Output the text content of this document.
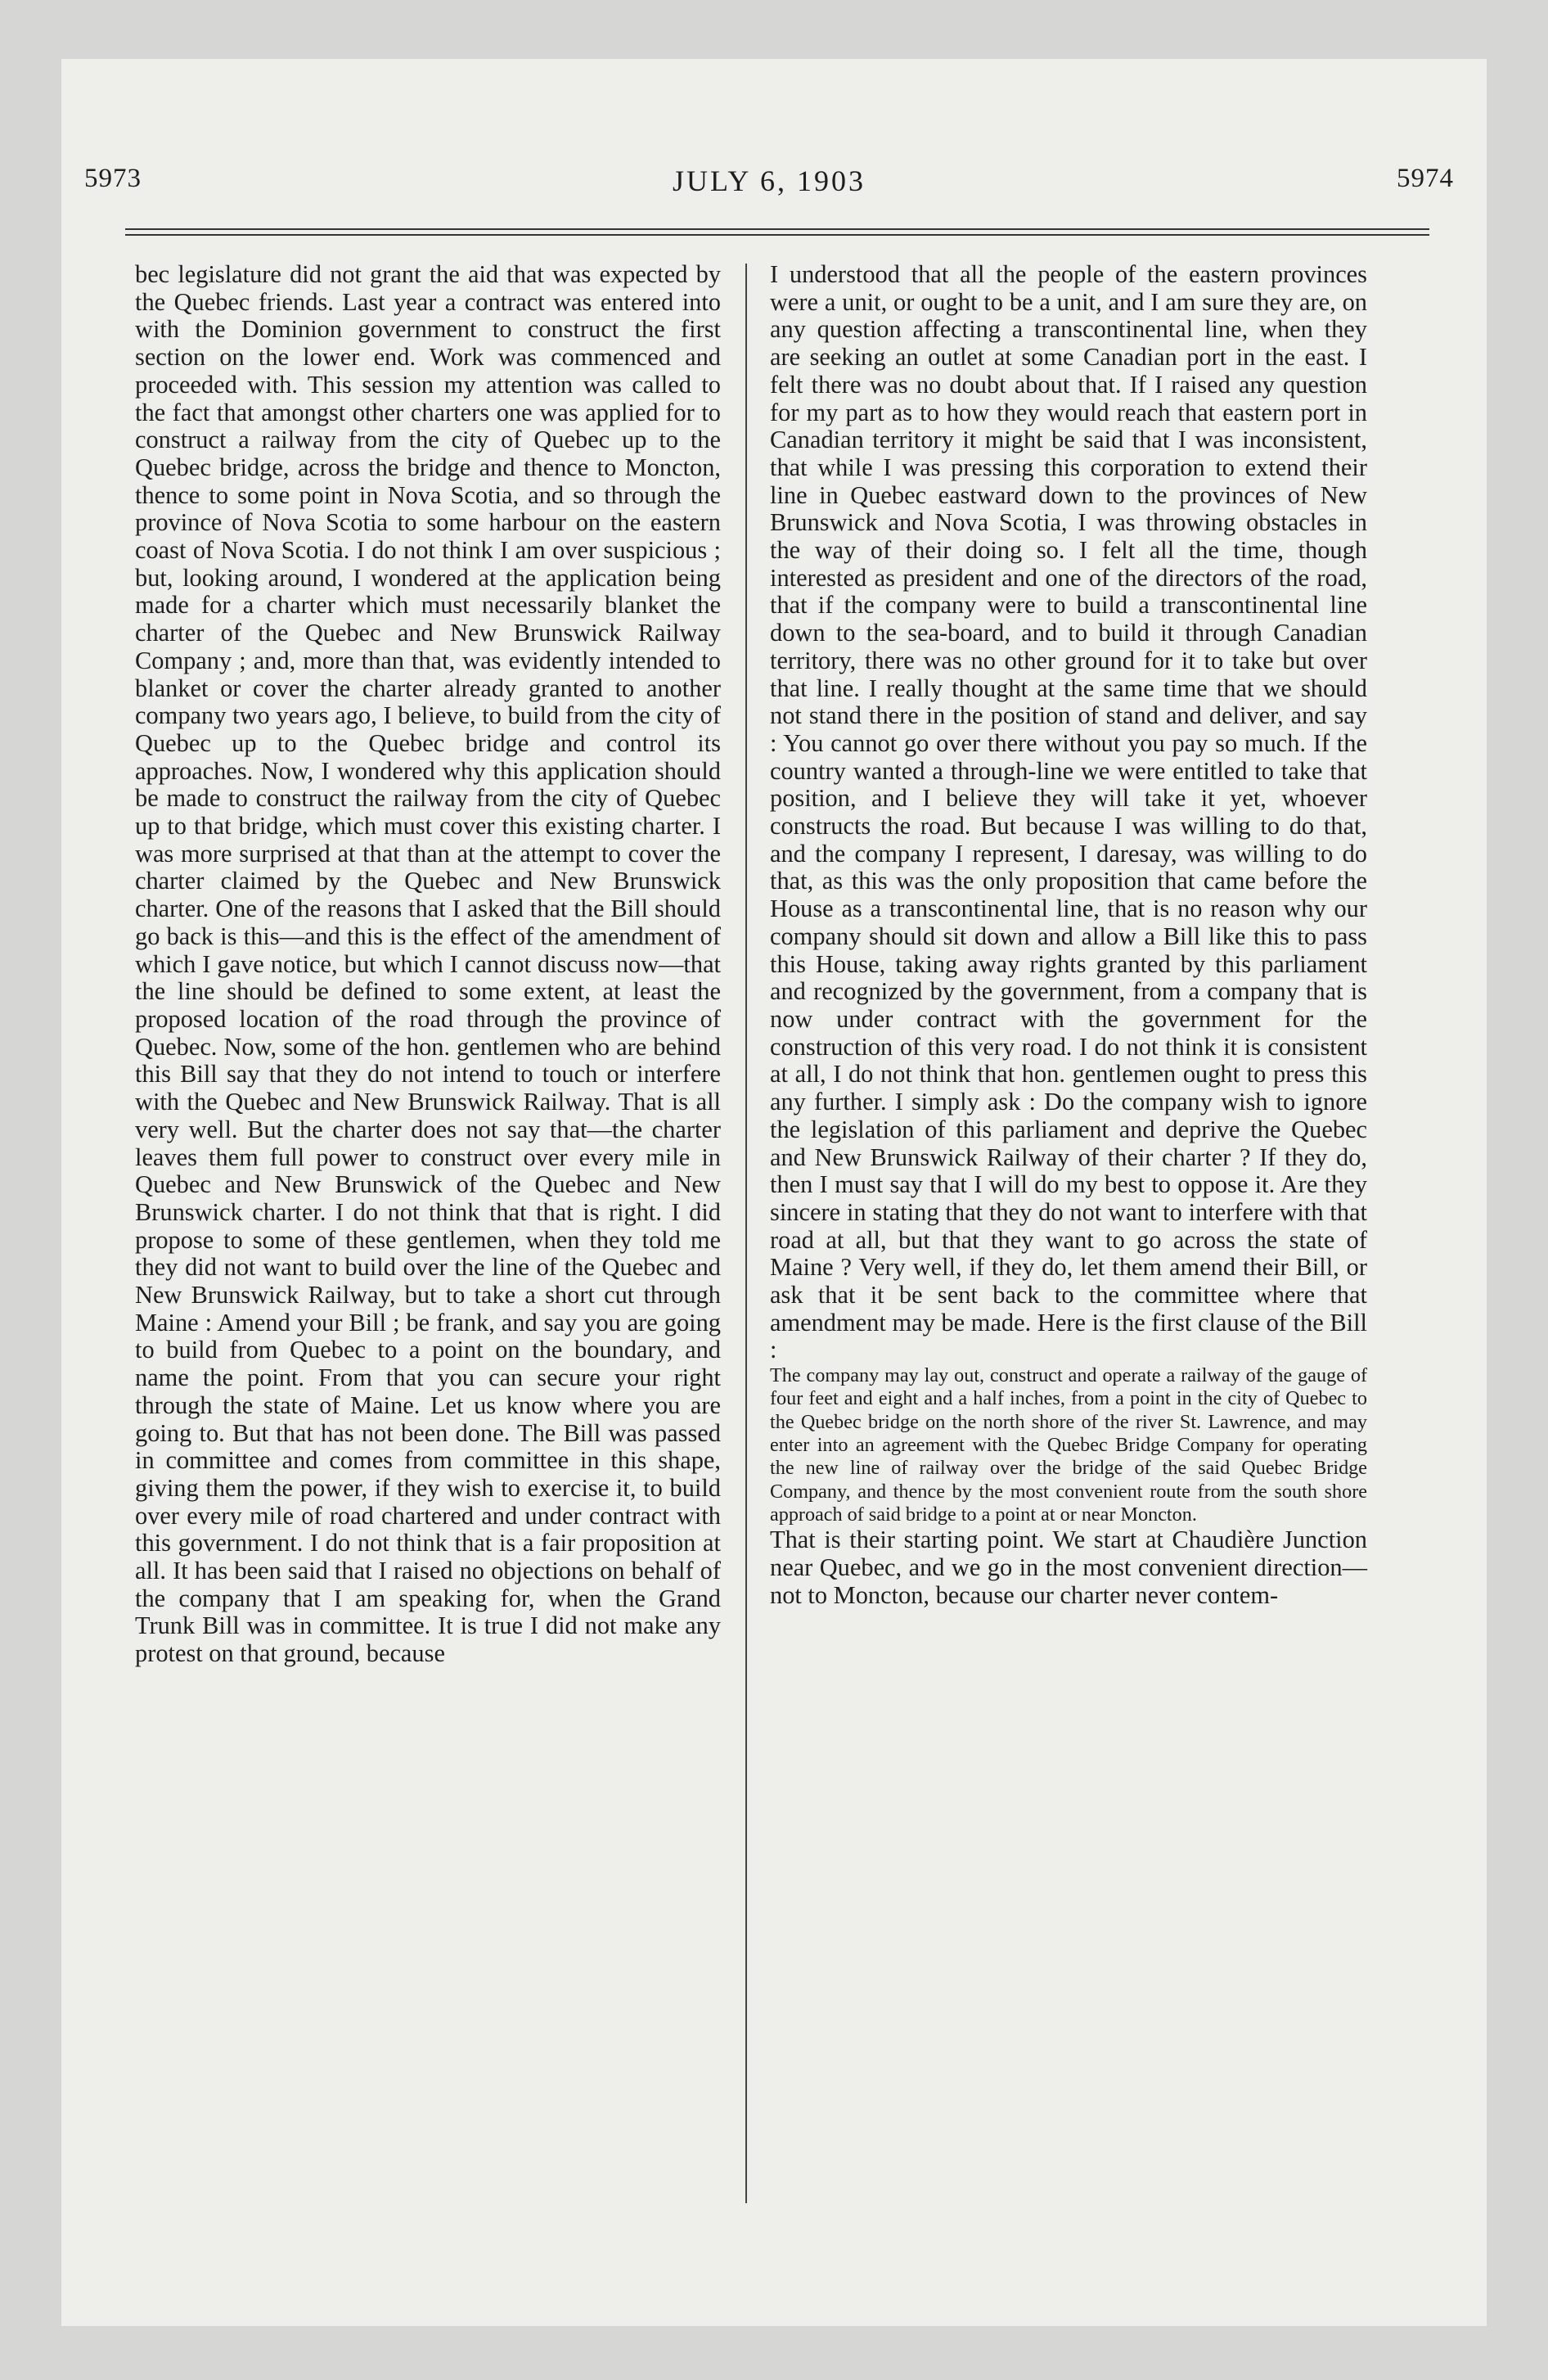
5973	JULY 6, 1903	5974

bec legislature did not grant the aid that was expected by the Quebec friends. Last year a contract was entered into with the Dominion government to construct the first section on the lower end. Work was commenced and proceeded with. This session my attention was called to the fact that amongst other charters one was applied for to construct a railway from the city of Quebec up to the Quebec bridge, across the bridge and thence to Moncton, thence to some point in Nova Scotia, and so through the province of Nova Scotia to some harbour on the eastern coast of Nova Scotia. I do not think I am over suspicious ; but, looking around, I wondered at the application being made for a charter which must necessarily blanket the charter of the Quebec and New Brunswick Railway Company ; and, more than that, was evidently intended to blanket or cover the charter already granted to another company two years ago, I believe, to build from the city of Quebec up to the Quebec bridge and control its approaches. Now, I wondered why this application should be made to construct the railway from the city of Quebec up to that bridge, which must cover this existing charter. I was more surprised at that than at the attempt to cover the charter claimed by the Quebec and New Brunswick charter. One of the reasons that I asked that the Bill should go back is this—and this is the effect of the amendment of which I gave notice, but which I cannot discuss now—that the line should be defined to some extent, at least the proposed location of the road through the province of Quebec. Now, some of the hon. gentlemen who are behind this Bill say that they do not intend to touch or interfere with the Quebec and New Brunswick Railway. That is all very well. But the charter does not say that—the charter leaves them full power to construct over every mile in Quebec and New Brunswick of the Quebec and New Brunswick charter. I do not think that that is right. I did propose to some of these gentlemen, when they told me they did not want to build over the line of the Quebec and New Brunswick Railway, but to take a short cut through Maine : Amend your Bill ; be frank, and say you are going to build from Quebec to a point on the boundary, and name the point. From that you can secure your right through the state of Maine. Let us know where you are going to. But that has not been done. The Bill was passed in committee and comes from committee in this shape, giving them the power, if they wish to exercise it, to build over every mile of road chartered and under contract with this government. I do not think that is a fair proposition at all. It has been said that I raised no objections on behalf of the company that I am speaking for, when the Grand Trunk Bill was in committee. It is true I did not make any protest on that ground, because

I understood that all the people of the eastern provinces were a unit, or ought to be a unit, and I am sure they are, on any question affecting a transcontinental line, when they are seeking an outlet at some Canadian port in the east. I felt there was no doubt about that. If I raised any question for my part as to how they would reach that eastern port in Canadian territory it might be said that I was inconsistent, that while I was pressing this corporation to extend their line in Quebec eastward down to the provinces of New Brunswick and Nova Scotia, I was throwing obstacles in the way of their doing so. I felt all the time, though interested as president and one of the directors of the road, that if the company were to build a transcontinental line down to the sea-board, and to build it through Canadian territory, there was no other ground for it to take but over that line. I really thought at the same time that we should not stand there in the position of stand and deliver, and say : You cannot go over there without you pay so much. If the country wanted a through-line we were entitled to take that position, and I believe they will take it yet, whoever constructs the road. But because I was willing to do that, and the company I represent, I daresay, was willing to do that, as this was the only proposition that came before the House as a transcontinental line, that is no reason why our company should sit down and allow a Bill like this to pass this House, taking away rights granted by this parliament and recognized by the government, from a company that is now under contract with the government for the construction of this very road. I do not think it is consistent at all, I do not think that hon. gentlemen ought to press this any further. I simply ask : Do the company wish to ignore the legislation of this parliament and deprive the Quebec and New Brunswick Railway of their charter ? If they do, then I must say that I will do my best to oppose it. Are they sincere in stating that they do not want to interfere with that road at all, but that they want to go across the state of Maine ? Very well, if they do, let them amend their Bill, or ask that it be sent back to the committee where that amendment may be made. Here is the first clause of the Bill :

The company may lay out, construct and operate a railway of the gauge of four feet and eight and a half inches, from a point in the city of Quebec to the Quebec bridge on the north shore of the river St. Lawrence, and may enter into an agreement with the Quebec Bridge Company for operating the new line of railway over the bridge of the said Quebec Bridge Company, and thence by the most convenient route from the south shore approach of said bridge to a point at or near Moncton.

That is their starting point. We start at Chaudière Junction near Quebec, and we go in the most convenient direction—not to Moncton, because our charter never contem-
